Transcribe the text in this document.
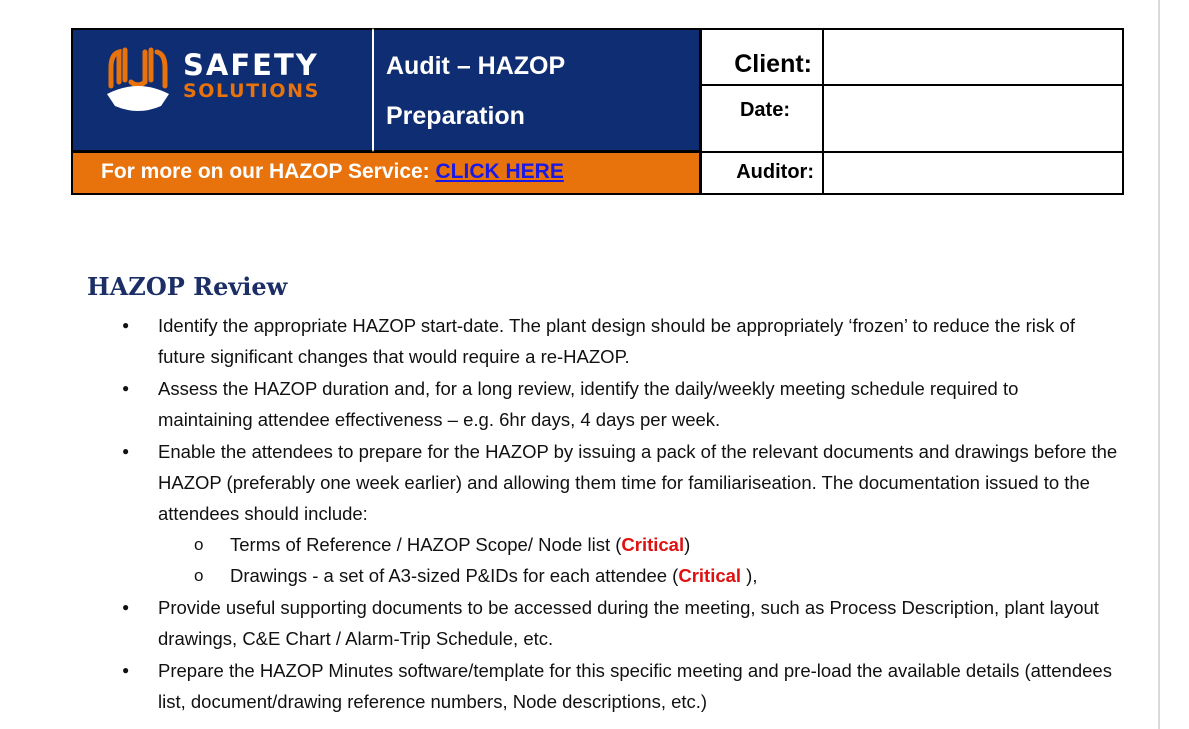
SAFETY
SOLUTIONS
Audit – HAZOP
Preparation
For more on our HAZOP Service: CLICK HERE
Client:
Date:
Auditor:
HAZOP Review
● Identify the appropriate HAZOP start-date. The plant design should be appropriately ‘frozen’ to reduce the risk of future significant changes that would require a re-HAZOP.
● Assess the HAZOP duration and, for a long review, identify the daily/weekly meeting schedule required to maintaining attendee effectiveness – e.g. 6hr days, 4 days per week.
● Enable the attendees to prepare for the HAZOP by issuing a pack of the relevant documents and drawings before the HAZOP (preferably one week earlier) and allowing them time for familiariseation. The documentation issued to the attendees should include:
o Terms of Reference / HAZOP Scope/ Node list (Critical)
o Drawings - a set of A3-sized P&IDs for each attendee (Critical ),
● Provide useful supporting documents to be accessed during the meeting, such as Process Description, plant layout drawings, C&E Chart / Alarm-Trip Schedule, etc.
● Prepare the HAZOP Minutes software/template for this specific meeting and pre-load the available details (attendees list, document/drawing reference numbers, Node descriptions, etc.)
